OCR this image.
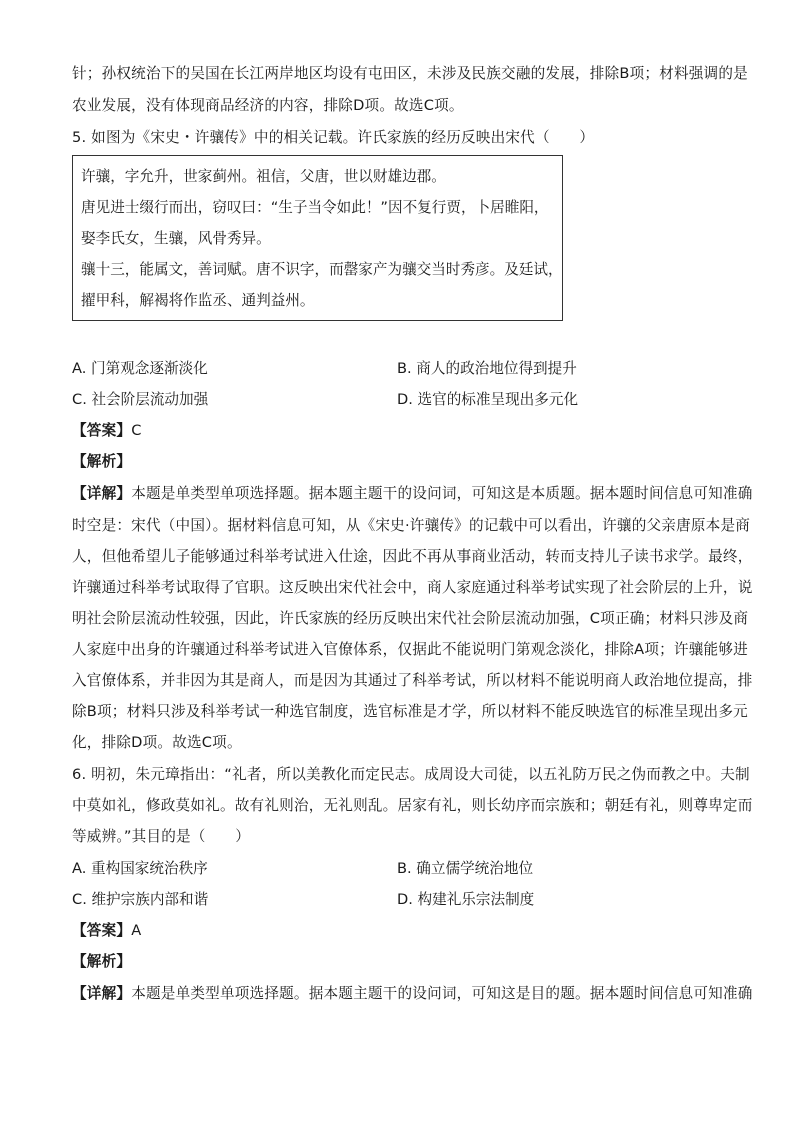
针；孙权统治下的吴国在长江两岸地区均设有屯田区，未涉及民族交融的发展，排除B项；材料强调的是
农业发展，没有体现商品经济的内容，排除D项。故选C项。
5. 如图为《宋史・许骧传》中的相关记载。许氏家族的经历反映出宋代（　　）
许骧，字允升，世家蓟州。祖信，父唐，世以财雄边郡。
唐见进士缀行而出，窃叹曰：“生子当令如此！”因不复行贾，卜居睢阳，
娶李氏女，生骧，风骨秀异。
骧十三，能属文，善词赋。唐不识字，而罄家产为骧交当时秀彦。及廷试，
擢甲科，解褐将作监丞、通判益州。
A. 门第观念逐渐淡化	B. 商人的政治地位得到提升
C. 社会阶层流动加强	D. 选官的标准呈现出多元化
【答案】C
【解析】
【详解】本题是单类型单项选择题。据本题主题干的设问词，可知这是本质题。据本题时间信息可知准确
时空是：宋代（中国）。据材料信息可知，从《宋史·许骧传》的记载中可以看出，许骧的父亲唐原本是商
人，但他希望儿子能够通过科举考试进入仕途，因此不再从事商业活动，转而支持儿子读书求学。最终，
许骧通过科举考试取得了官职。这反映出宋代社会中，商人家庭通过科举考试实现了社会阶层的上升，说
明社会阶层流动性较强，因此，许氏家族的经历反映出宋代社会阶层流动加强，C项正确；材料只涉及商
人家庭中出身的许骧通过科举考试进入官僚体系，仅据此不能说明门第观念淡化，排除A项；许骧能够进
入官僚体系，并非因为其是商人，而是因为其通过了科举考试，所以材料不能说明商人政治地位提高，排
除B项；材料只涉及科举考试一种选官制度，选官标准是才学，所以材料不能反映选官的标准呈现出多元
化，排除D项。故选C项。
6. 明初，朱元璋指出：“礼者，所以美教化而定民志。成周设大司徒，以五礼防万民之伪而教之中。夫制
中莫如礼，修政莫如礼。故有礼则治，无礼则乱。居家有礼，则长幼序而宗族和；朝廷有礼，则尊卑定而
等威辨。”其目的是（　　）
A. 重构国家统治秩序	B. 确立儒学统治地位
C. 维护宗族内部和谐	D. 构建礼乐宗法制度
【答案】A
【解析】
【详解】本题是单类型单项选择题。据本题主题干的设问词，可知这是目的题。据本题时间信息可知准确
